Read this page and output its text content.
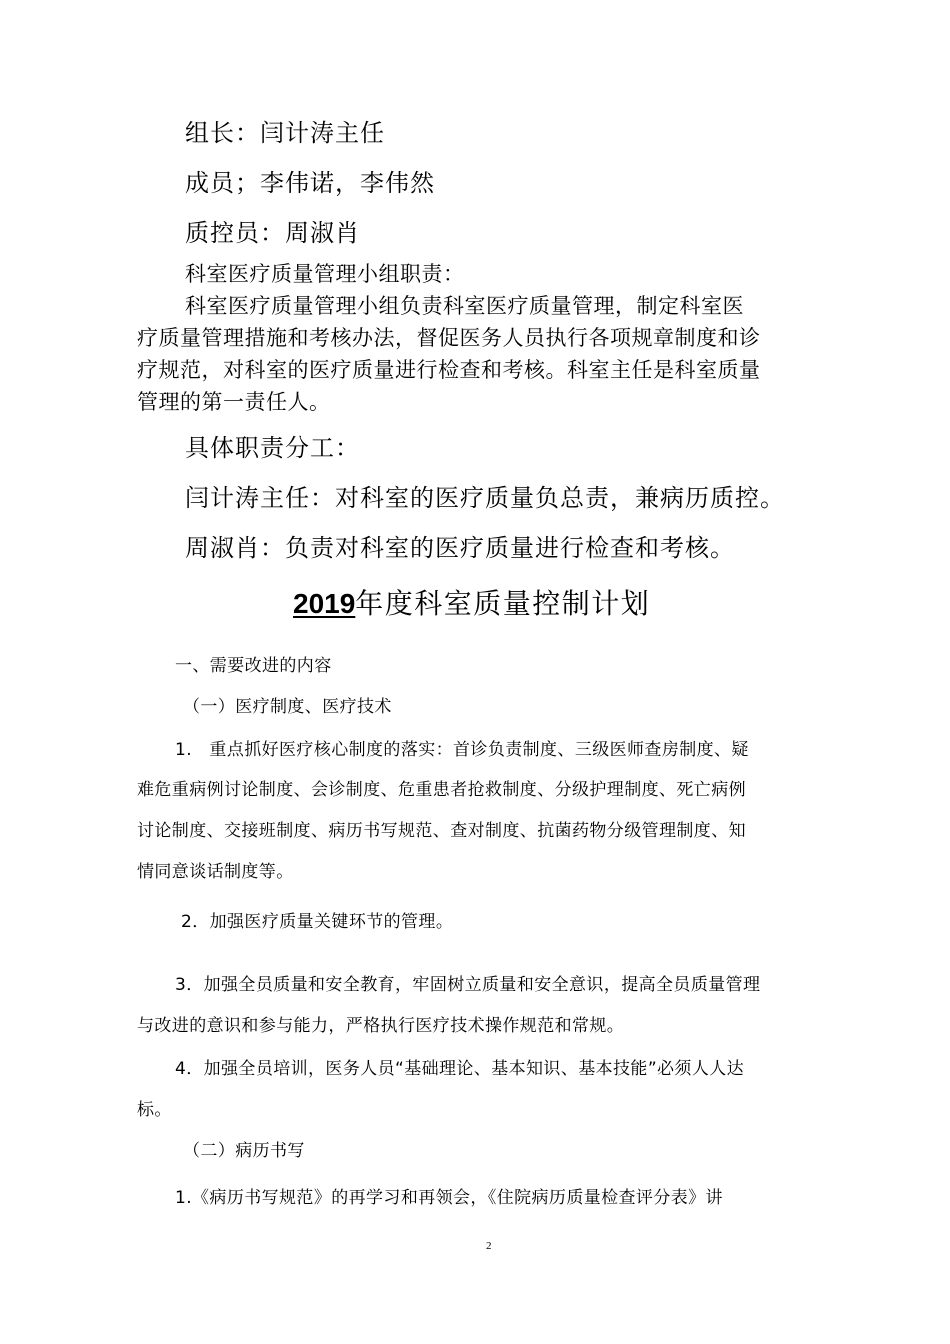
组长：闫计涛主任

成员；李伟诺，李伟然

质控员：周淑肖

科室医疗质量管理小组职责：

科室医疗质量管理小组负责科室医疗质量管理，制定科室医

疗质量管理措施和考核办法，督促医务人员执行各项规章制度和诊

疗规范，对科室的医疗质量进行检查和考核。科室主任是科室质量

管理的第一责任人。

具体职责分工：

闫计涛主任：对科室的医疗质量负总责，兼病历质控。

周淑肖：负责对科室的医疗质量进行检查和考核。

2019年度科室质量控制计划

一、需要改进的内容

（一）医疗制度、医疗技术

1.　重点抓好医疗核心制度的落实：首诊负责制度、三级医师查房制度、疑

难危重病例讨论制度、会诊制度、危重患者抢救制度、分级护理制度、死亡病例

讨论制度、交接班制度、病历书写规范、查对制度、抗菌药物分级管理制度、知

情同意谈话制度等。

2．加强医疗质量关键环节的管理。

3．加强全员质量和安全教育，牢固树立质量和安全意识，提高全员质量管理

与改进的意识和参与能力，严格执行医疗技术操作规范和常规。

4．加强全员培训，医务人员“基础理论、基本知识、基本技能”必须人人达

标。

（二）病历书写

1.《病历书写规范》的再学习和再领会，《住院病历质量检查评分表》讲

2
